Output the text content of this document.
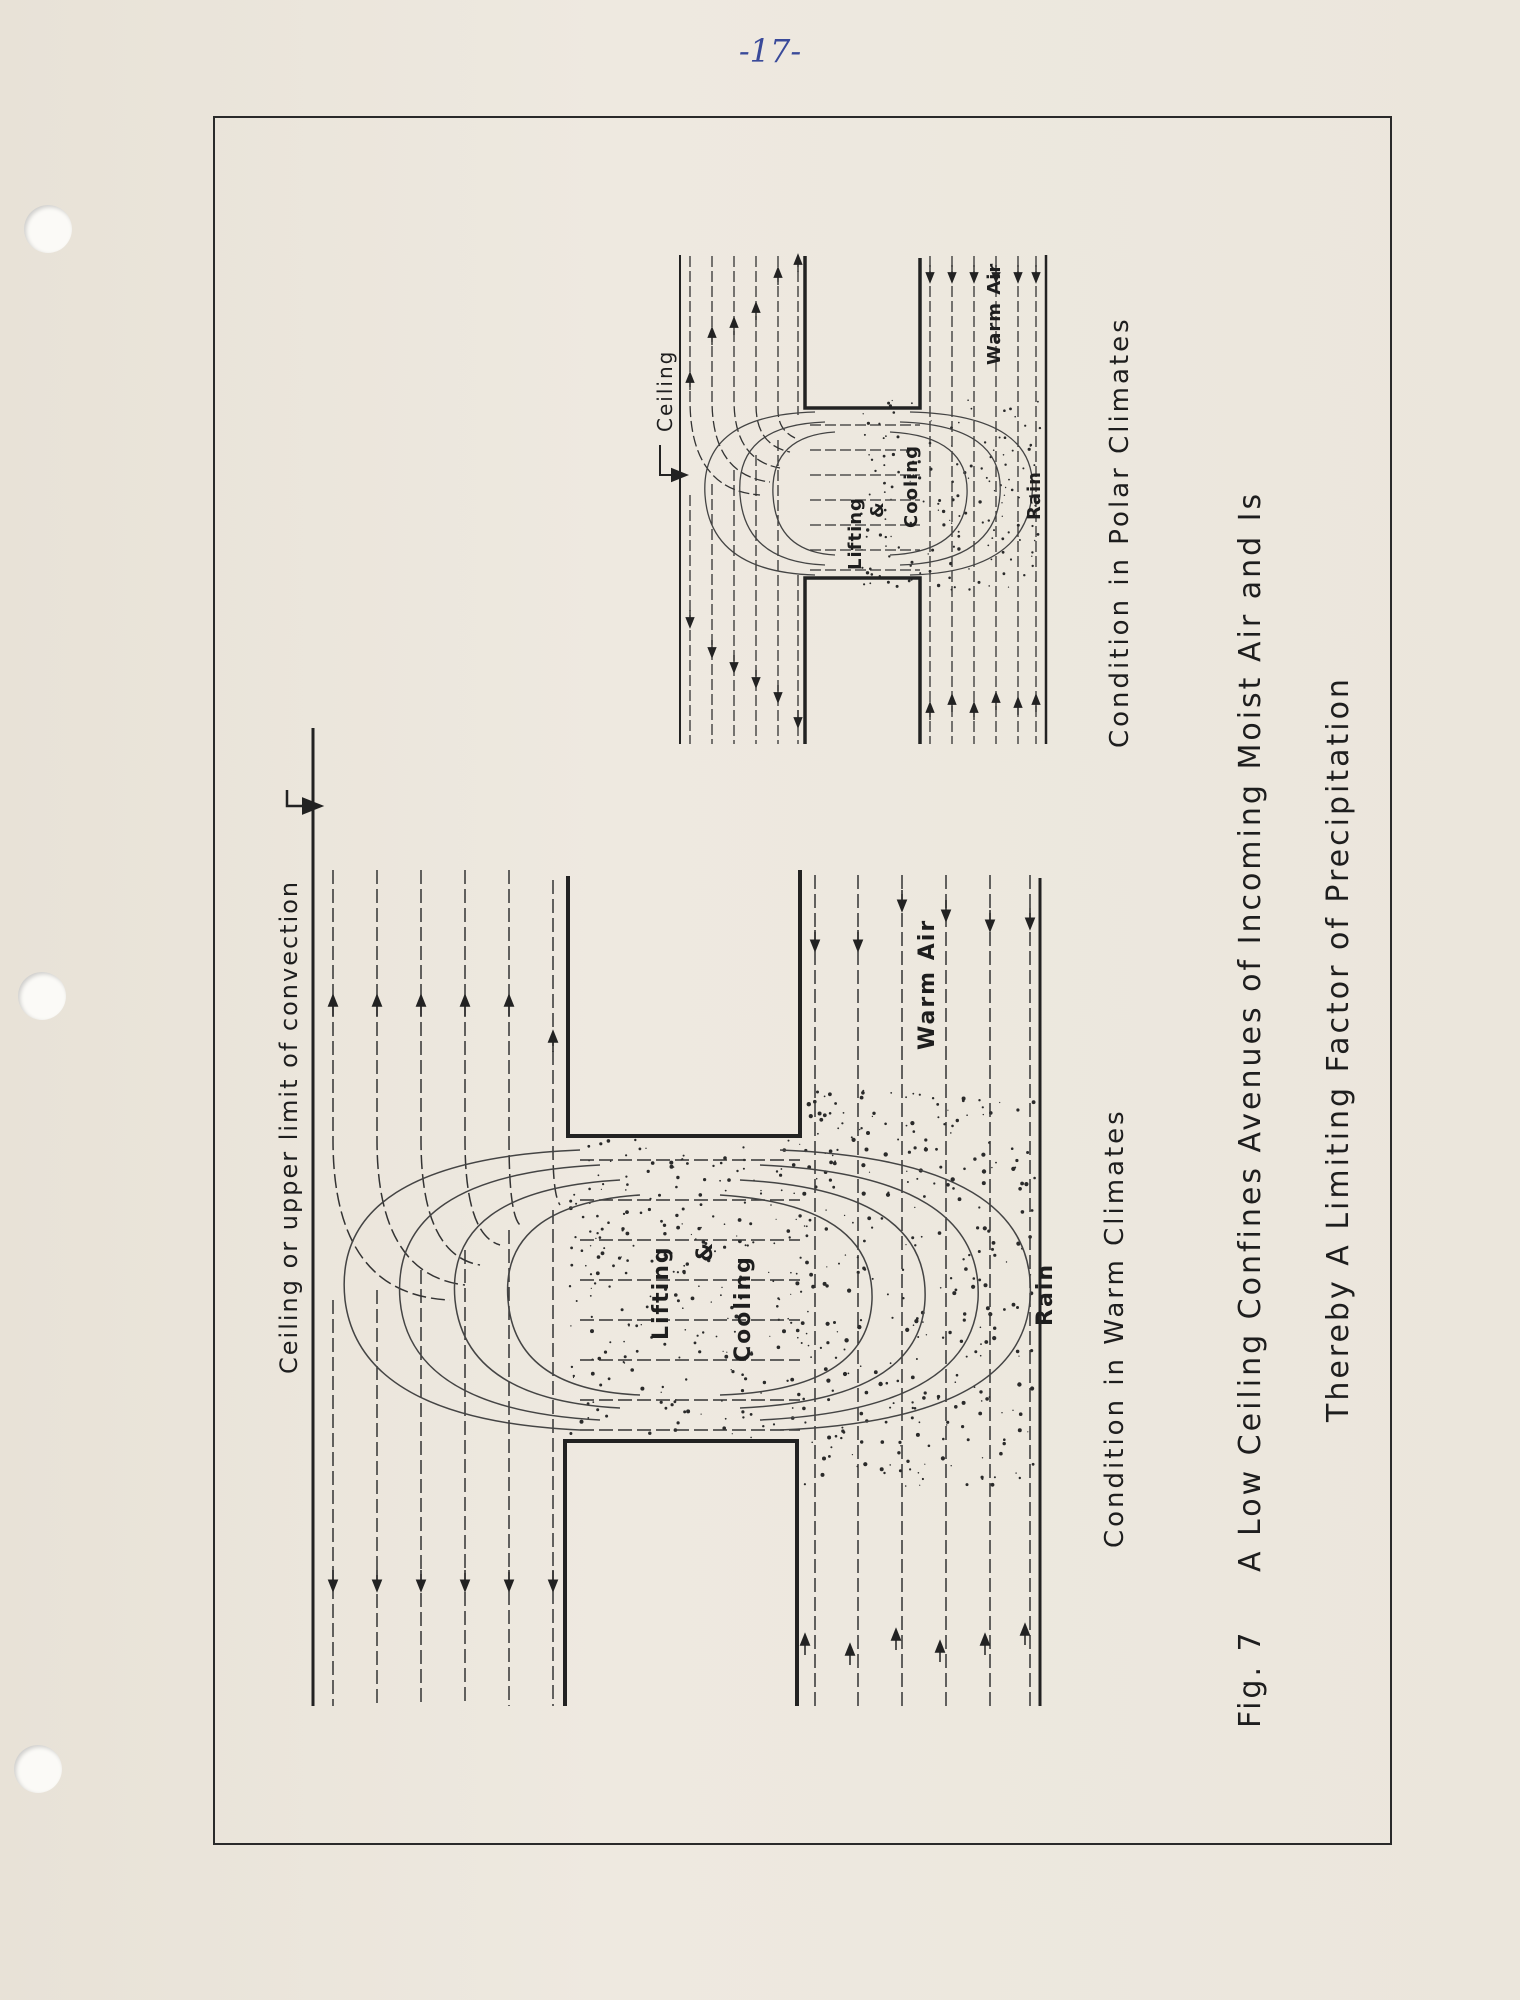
-17-
Ceiling or upper limit of convection	Lifting &
Cooling
Warm Air
Rain Condition in Warm Climates
Ceiling
Lifting & Cooling
Warm Air
Rain Condition in Polar Climates
Fig. 7
A Low Ceiling Confines Avenues of Incoming Moist Air and Is Thereby A Limiting Factor of Precipitation
